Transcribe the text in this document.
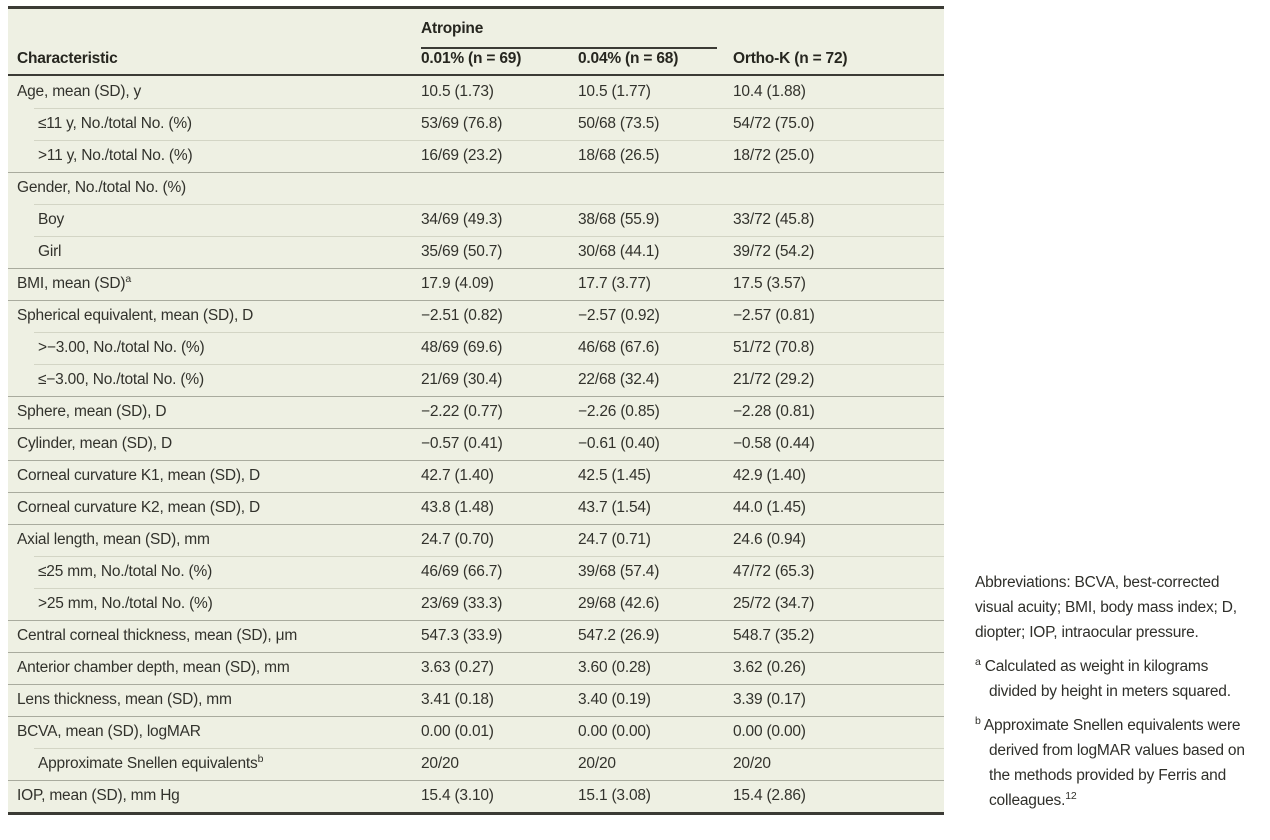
Atropine
Characteristic	0.01% (n = 69)	0.04% (n = 68)	Ortho-K (n = 72)
Age, mean (SD), y	10.5 (1.73)	10.5 (1.77)	10.4 (1.88)
≤11 y, No./total No. (%)	53/69 (76.8)	50/68 (73.5)	54/72 (75.0)
>11 y, No./total No. (%)	16/69 (23.2)	18/68 (26.5)	18/72 (25.0)
Gender, No./total No. (%)
Boy	34/69 (49.3)	38/68 (55.9)	33/72 (45.8)
Girl	35/69 (50.7)	30/68 (44.1)	39/72 (54.2)
BMI, mean (SD)$^a$	17.9 (4.09)	17.7 (3.77)	17.5 (3.57)
Spherical equivalent, mean (SD), D	−2.51 (0.82)	−2.57 (0.92)	−2.57 (0.81)
>−3.00, No./total No. (%)	48/69 (69.6)	46/68 (67.6)	51/72 (70.8)
≤−3.00, No./total No. (%)	21/69 (30.4)	22/68 (32.4)	21/72 (29.2)
Sphere, mean (SD), D	−2.22 (0.77)	−2.26 (0.85)	−2.28 (0.81)
Cylinder, mean (SD), D	−0.57 (0.41)	−0.61 (0.40)	−0.58 (0.44)
Corneal curvature K1, mean (SD), D	42.7 (1.40)	42.5 (1.45)	42.9 (1.40)
Corneal curvature K2, mean (SD), D	43.8 (1.48)	43.7 (1.54)	44.0 (1.45)
Axial length, mean (SD), mm	24.7 (0.70)	24.7 (0.71)	24.6 (0.94)
≤25 mm, No./total No. (%)	46/69 (66.7)	39/68 (57.4)	47/72 (65.3)
>25 mm, No./total No. (%)	23/69 (33.3)	29/68 (42.6)	25/72 (34.7)
Central corneal thickness, mean (SD), μm	547.3 (33.9)	547.2 (26.9)	548.7 (35.2)
Anterior chamber depth, mean (SD), mm	3.63 (0.27)	3.60 (0.28)	3.62 (0.26)
Lens thickness, mean (SD), mm	3.41 (0.18)	3.40 (0.19)	3.39 (0.17)
BCVA, mean (SD), logMAR	0.00 (0.01)	0.00 (0.00)	0.00 (0.00)
Approximate Snellen equivalents$^b$	20/20	20/20	20/20
IOP, mean (SD), mm Hg	15.4 (3.10)	15.1 (3.08)	15.4 (2.86)
Abbreviations: BCVA, best-corrected visual acuity; BMI, body mass index; D, diopter; IOP, intraocular pressure.
$^a$ Calculated as weight in kilograms divided by height in meters squared.
$^b$ Approximate Snellen equivalents were derived from logMAR values based on the methods provided by Ferris and colleagues.$^{12}$
